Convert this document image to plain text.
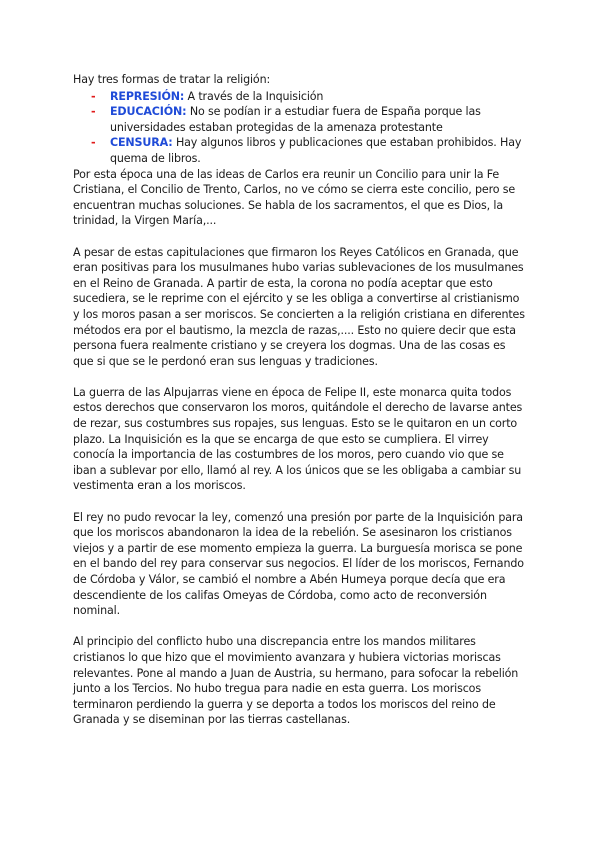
Hay tres formas de tratar la religión:

- REPRESIÓN: A través de la Inquisición
- EDUCACIÓN: No se podían ir a estudiar fuera de España porque las universidades estaban protegidas de la amenaza protestante
- CENSURA: Hay algunos libros y publicaciones que estaban prohibidos. Hay quema de libros.

Por esta época una de las ideas de Carlos era reunir un Concilio para unir la Fe Cristiana, el Concilio de Trento, Carlos, no ve cómo se cierra este concilio, pero se encuentran muchas soluciones. Se habla de los sacramentos, el que es Dios, la trinidad, la Virgen María,...

A pesar de estas capitulaciones que firmaron los Reyes Católicos en Granada, que eran positivas para los musulmanes hubo varias sublevaciones de los musulmanes en el Reino de Granada. A partir de esta, la corona no podía aceptar que esto sucediera, se le reprime con el ejército y se les obliga a convertirse al cristianismo y los moros pasan a ser moriscos. Se concierten a la religión cristiana en diferentes métodos era por el bautismo, la mezcla de razas,.... Esto no quiere decir que esta persona fuera realmente cristiano y se creyera los dogmas. Una de las cosas es que si que se le perdonó eran sus lenguas y tradiciones.

La guerra de las Alpujarras viene en época de Felipe II, este monarca quita todos estos derechos que conservaron los moros, quitándole el derecho de lavarse antes de rezar, sus costumbres sus ropajes, sus lenguas. Esto se le quitaron en un corto plazo. La Inquisición es la que se encarga de que esto se cumpliera. El virrey conocía la importancia de las costumbres de los moros, pero cuando vio que se iban a sublevar por ello, llamó al rey. A los únicos que se les obligaba a cambiar su vestimenta eran a los moriscos.

El rey no pudo revocar la ley, comenzó una presión por parte de la Inquisición para que los moriscos abandonaron la idea de la rebelión. Se asesinaron los cristianos viejos y a partir de ese momento empieza la guerra. La burguesía morisca se pone en el bando del rey para conservar sus negocios. El líder de los moriscos, Fernando de Córdoba y Válor, se cambió el nombre a Abén Humeya porque decía que era descendiente de los califas Omeyas de Córdoba, como acto de reconversión nominal.

Al principio del conflicto hubo una discrepancia entre los mandos militares cristianos lo que hizo que el movimiento avanzara y hubiera victorias moriscas relevantes. Pone al mando a Juan de Austria, su hermano, para sofocar la rebelión junto a los Tercios. No hubo tregua para nadie en esta guerra. Los moriscos terminaron perdiendo la guerra y se deporta a todos los moriscos del reino de Granada y se diseminan por las tierras castellanas.
